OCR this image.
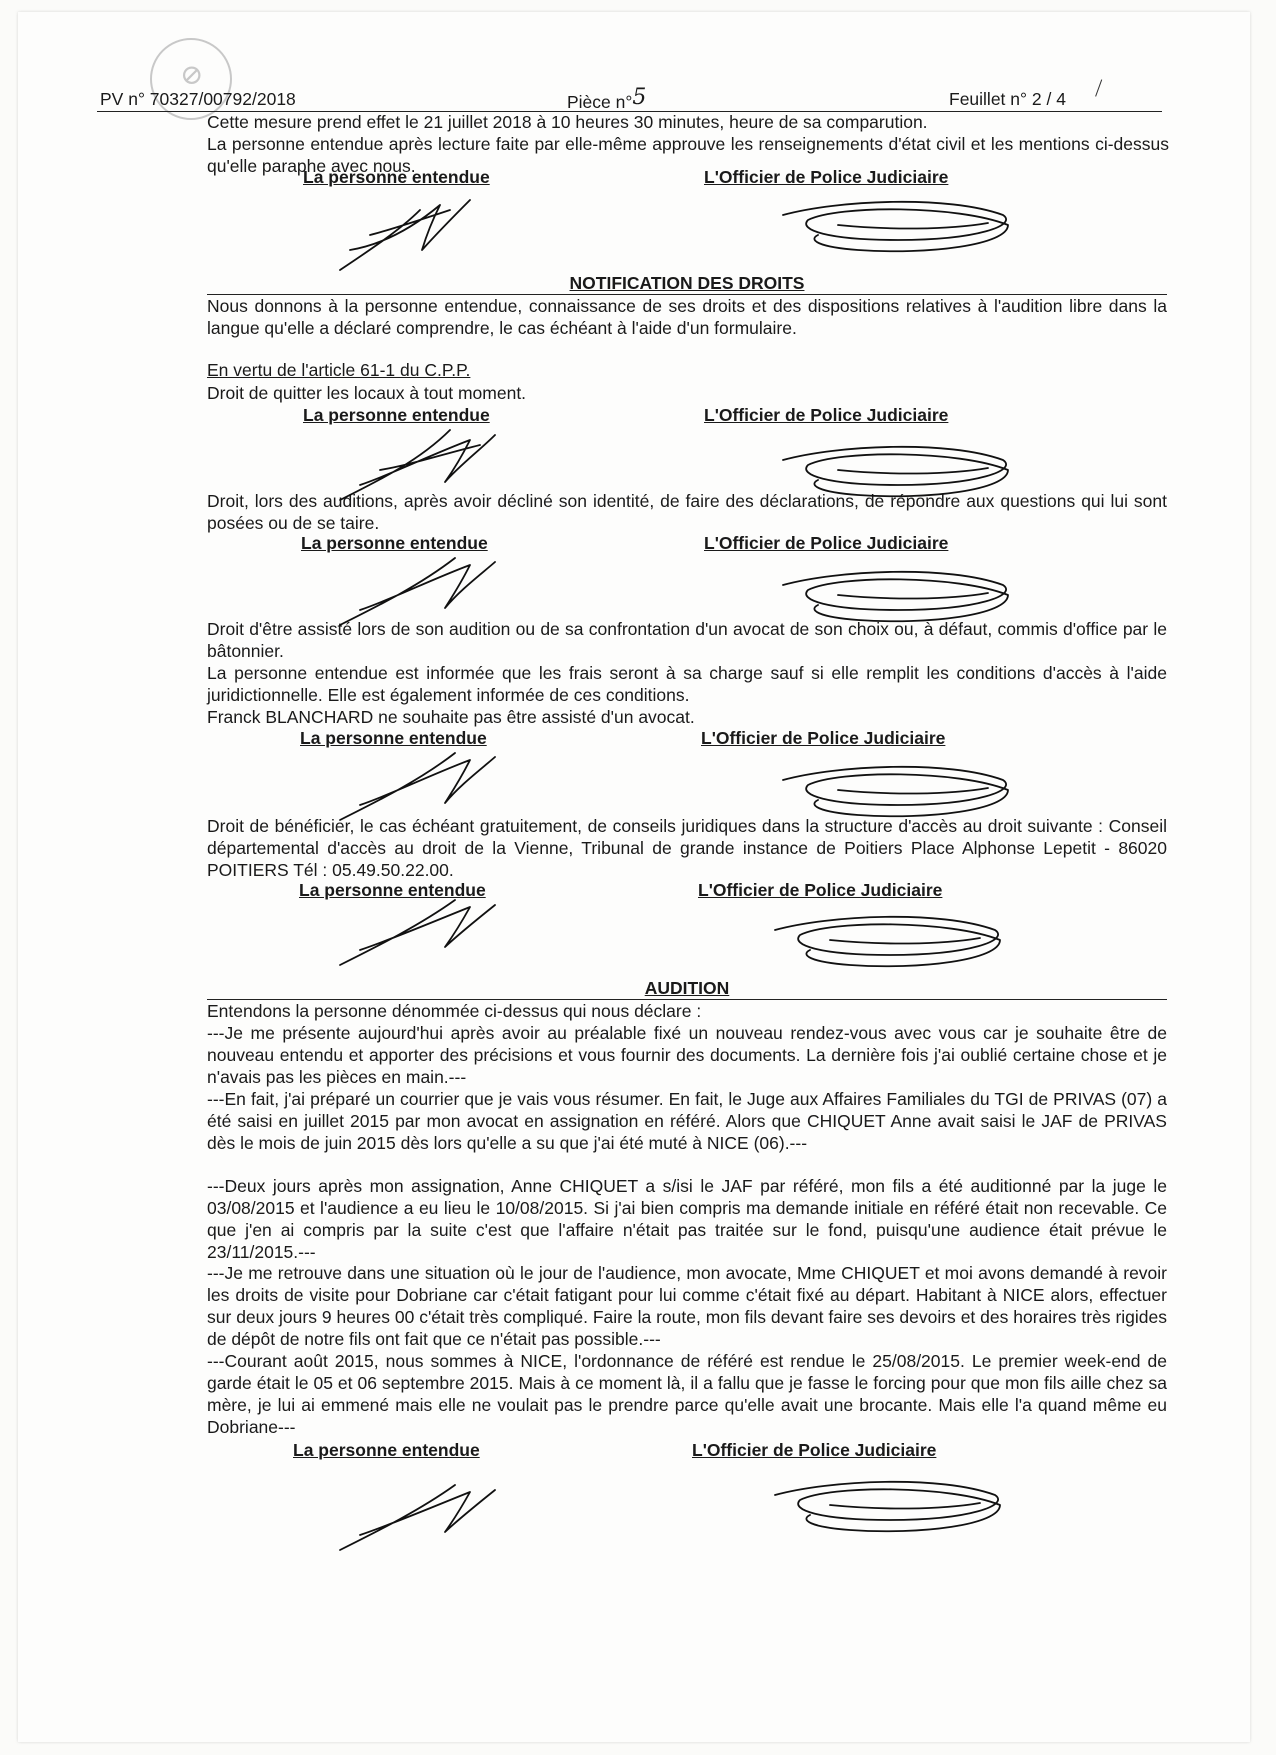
⊘
PV n° 70327/00792/2018	Pièce n°5	Feuillet n° 2 / 4
Cette mesure prend effet le 21 juillet 2018 à 10 heures 30 minutes, heure de sa comparution.
La personne entendue après lecture faite par elle-même approuve les renseignements d'état civil et les mentions ci-dessus qu'elle paraphe avec nous.
La personne entendue	L'Officier de Police Judiciaire
NOTIFICATION DES DROITS
Nous donnons à la personne entendue, connaissance de ses droits et des dispositions relatives à l'audition libre dans la langue qu'elle a déclaré comprendre, le cas échéant à l'aide d'un formulaire.
En vertu de l'article 61-1 du C.P.P.
Droit de quitter les locaux à tout moment.
La personne entendue	L'Officier de Police Judiciaire
Droit, lors des auditions, après avoir décliné son identité, de faire des déclarations, de répondre aux questions qui lui sont posées ou de se taire.
La personne entendue	L'Officier de Police Judiciaire
Droit d'être assisté lors de son audition ou de sa confrontation d'un avocat de son choix ou, à défaut, commis d'office par le bâtonnier.
La personne entendue est informée que les frais seront à sa charge sauf si elle remplit les conditions d'accès à l'aide juridictionnelle. Elle est également informée de ces conditions.
Franck BLANCHARD ne souhaite pas être assisté d'un avocat.
La personne entendue	L'Officier de Police Judiciaire
Droit de bénéficier, le cas échéant gratuitement, de conseils juridiques dans la structure d'accès au droit suivante : Conseil départemental d'accès au droit de la Vienne, Tribunal de grande instance de Poitiers Place Alphonse Lepetit - 86020 POITIERS Tél : 05.49.50.22.00.
La personne entendue	L'Officier de Police Judiciaire
AUDITION
Entendons la personne dénommée ci-dessus qui nous déclare :
---Je me présente aujourd'hui après avoir au préalable fixé un nouveau rendez-vous avec vous car je souhaite être de nouveau entendu et apporter des précisions et vous fournir des documents. La dernière fois j'ai oublié certaine chose et je n'avais pas les pièces en main.---
---En fait, j'ai préparé un courrier que je vais vous résumer. En fait, le Juge aux Affaires Familiales du TGI de PRIVAS (07) a été saisi en juillet 2015 par mon avocat en assignation en référé. Alors que CHIQUET Anne avait saisi le JAF de PRIVAS dès le mois de juin 2015 dès lors qu'elle a su que j'ai été muté à NICE (06).---
---Deux jours après mon assignation, Anne CHIQUET a s/isi le JAF par référé, mon fils a été auditionné par la juge le 03/08/2015 et l'audience a eu lieu le 10/08/2015. Si j'ai bien compris ma demande initiale en référé était non recevable. Ce que j'en ai compris par la suite c'est que l'affaire n'était pas traitée sur le fond, puisqu'une audience était prévue le 23/11/2015.---
---Je me retrouve dans une situation où le jour de l'audience, mon avocate, Mme CHIQUET et moi avons demandé à revoir les droits de visite pour Dobriane car c'était fatigant pour lui comme c'était fixé au départ. Habitant à NICE alors, effectuer sur deux jours 9 heures 00 c'était très compliqué. Faire la route, mon fils devant faire ses devoirs et des horaires très rigides de dépôt de notre fils ont fait que ce n'était pas possible.---
---Courant août 2015, nous sommes à NICE, l'ordonnance de référé est rendue le 25/08/2015. Le premier week-end de garde était le 05 et 06 septembre 2015. Mais à ce moment là, il a fallu que je fasse le forcing pour que mon fils aille chez sa mère, je lui ai emmené mais elle ne voulait pas le prendre parce qu'elle avait une brocante. Mais elle l'a quand même eu Dobriane---
La personne entendue	L'Officier de Police Judiciaire
